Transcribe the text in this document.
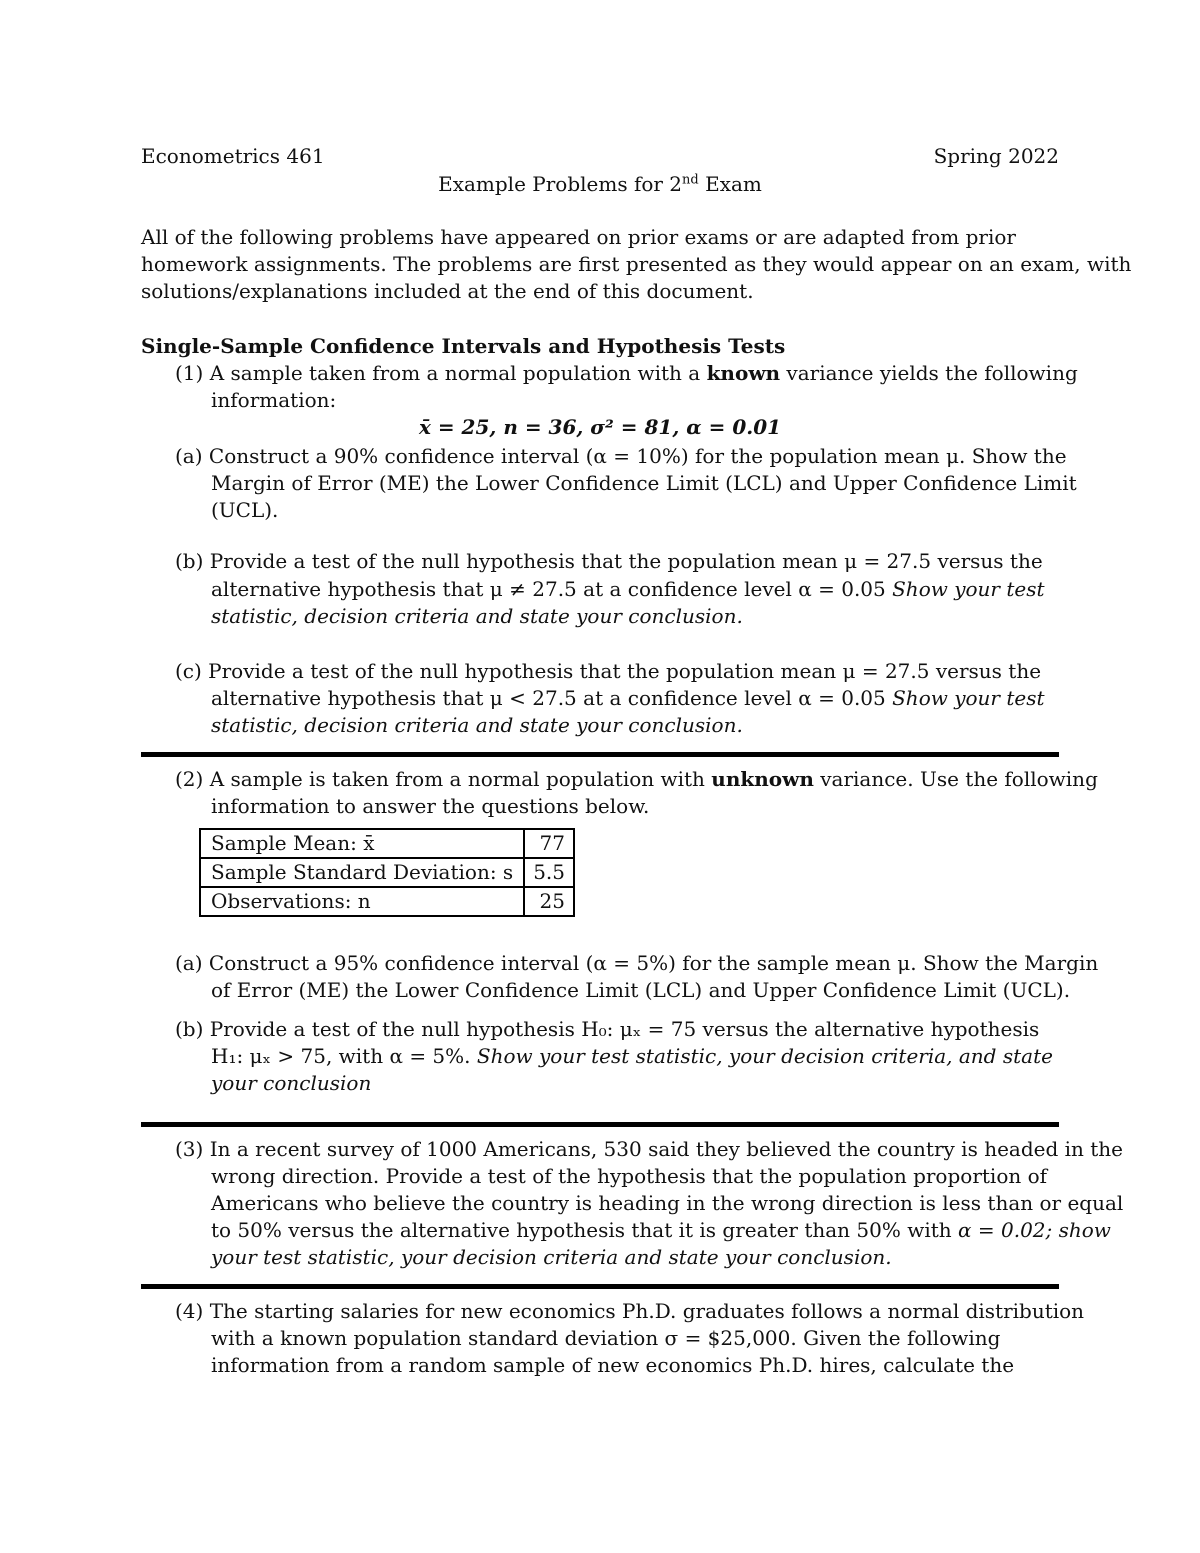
Econometrics 461	Spring 2022
Example Problems for 2nd Exam
All of the following problems have appeared on prior exams or are adapted from prior
homework assignments. The problems are first presented as they would appear on an exam, with
solutions/explanations included at the end of this document.
Single-Sample Confidence Intervals and Hypothesis Tests
(1) A sample taken from a normal population with a known variance yields the following
information:
x̄ = 25, n = 36, σ² = 81, α = 0.01
(a) Construct a 90% confidence interval (α = 10%) for the population mean μ. Show the
Margin of Error (ME) the Lower Confidence Limit (LCL) and Upper Confidence Limit
(UCL).
(b) Provide a test of the null hypothesis that the population mean μ = 27.5 versus the
alternative hypothesis that μ ≠ 27.5 at a confidence level α = 0.05 Show your test
statistic, decision criteria and state your conclusion.
(c) Provide a test of the null hypothesis that the population mean μ = 27.5 versus the
alternative hypothesis that μ < 27.5 at a confidence level α = 0.05 Show your test
statistic, decision criteria and state your conclusion.
(2) A sample is taken from a normal population with unknown variance. Use the following
information to answer the questions below.
Sample Mean: x̄	77
Sample Standard Deviation: s	5.5
Observations: n	25
(a) Construct a 95% confidence interval (α = 5%) for the sample mean μ. Show the Margin
of Error (ME) the Lower Confidence Limit (LCL) and Upper Confidence Limit (UCL).
(b) Provide a test of the null hypothesis H₀: μₓ = 75 versus the alternative hypothesis
H₁: μₓ > 75, with α = 5%. Show your test statistic, your decision criteria, and state
your conclusion
(3) In a recent survey of 1000 Americans, 530 said they believed the country is headed in the
wrong direction. Provide a test of the hypothesis that the population proportion of
Americans who believe the country is heading in the wrong direction is less than or equal
to 50% versus the alternative hypothesis that it is greater than 50% with α = 0.02; show
your test statistic, your decision criteria and state your conclusion.
(4) The starting salaries for new economics Ph.D. graduates follows a normal distribution
with a known population standard deviation σ = $25,000. Given the following
information from a random sample of new economics Ph.D. hires, calculate the
